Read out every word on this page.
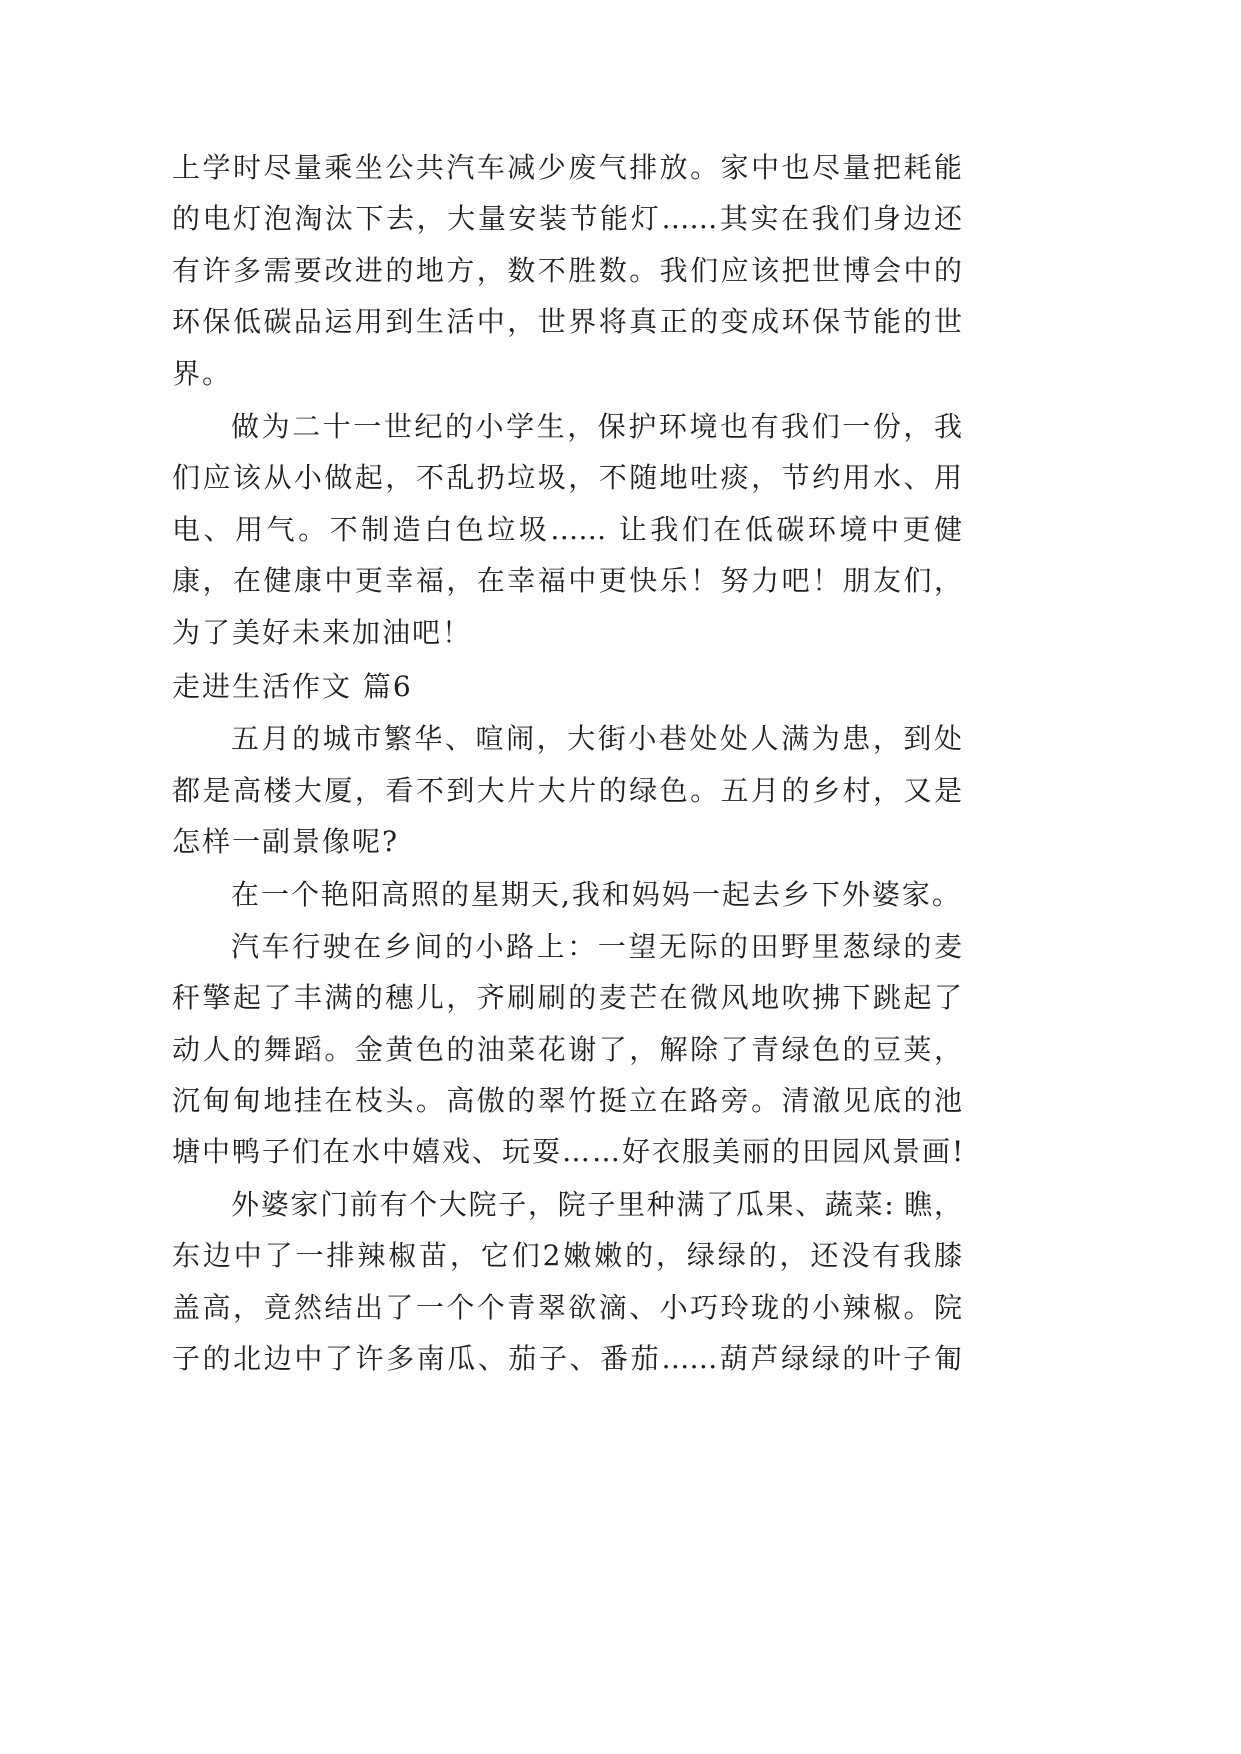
上学时尽量乘坐公共汽车减少废气排放。家中也尽量把耗能
的电灯泡淘汰下去，大量安装节能灯……其实在我们身边还
有许多需要改进的地方，数不胜数。我们应该把世博会中的
环保低碳品运用到生活中，世界将真正的变成环保节能的世
界。
做为二十一世纪的小学生，保护环境也有我们一份，我
们应该从小做起，不乱扔垃圾，不随地吐痰，节约用水、用
电、用气。不制造白色垃圾…… 让我们在低碳环境中更健
康，在健康中更幸福，在幸福中更快乐！努力吧！朋友们，
为了美好未来加油吧！
走进生活作文 篇6
五月的城市繁华、喧闹，大街小巷处处人满为患，到处
都是高楼大厦，看不到大片大片的绿色。五月的乡村，又是
怎样一副景像呢?
在一个艳阳高照的星期天,我和妈妈一起去乡下外婆家。
汽车行驶在乡间的小路上：一望无际的田野里葱绿的麦
秆擎起了丰满的穗儿，齐刷刷的麦芒在微风地吹拂下跳起了
动人的舞蹈。金黄色的油菜花谢了，解除了青绿色的豆荚，
沉甸甸地挂在枝头。高傲的翠竹挺立在路旁。清澈见底的池
塘中鸭子们在水中嬉戏、玩耍……好衣服美丽的田园风景画!
外婆家门前有个大院子，院子里种满了瓜果、蔬菜: 瞧，
东边中了一排辣椒苗，它们2嫩嫩的，绿绿的，还没有我膝
盖高，竟然结出了一个个青翠欲滴、小巧玲珑的小辣椒。院
子的北边中了许多南瓜、茄子、番茄……葫芦绿绿的叶子匍
